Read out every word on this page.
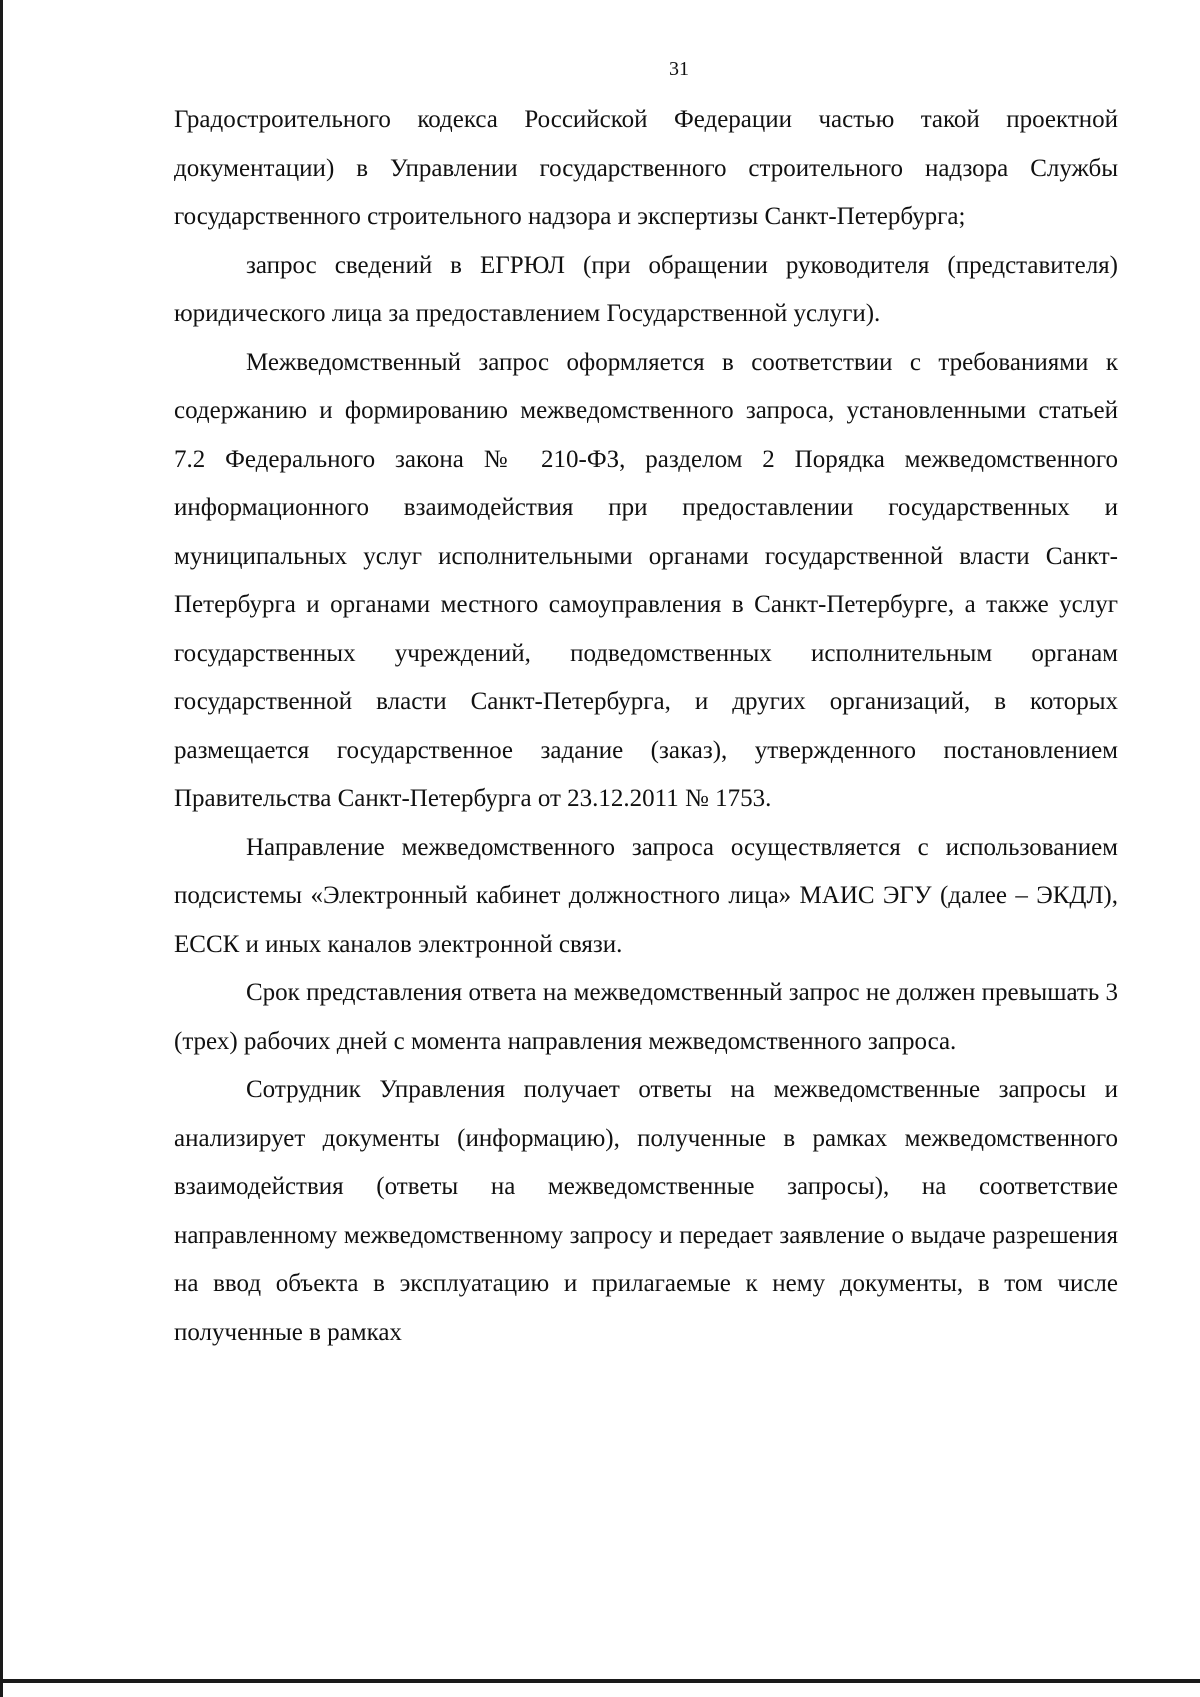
31

Градостроительного кодекса Российской Федерации частью такой проектной документации) в Управлении государственного строительного надзора Службы государственного строительного надзора и экспертизы Санкт-Петербурга;

запрос сведений в ЕГРЮЛ (при обращении руководителя (представителя) юридического лица за предоставлением Государственной услуги).

Межведомственный запрос оформляется в соответствии с требованиями к содержанию и формированию межведомственного запроса, установленными статьей 7.2 Федерального закона № 210-ФЗ, разделом 2 Порядка межведомственного информационного взаимодействия при предоставлении государственных и муниципальных услуг исполнительными органами государственной власти Санкт-Петербурга и органами местного самоуправления в Санкт-Петербурге, а также услуг государственных учреждений, подведомственных исполнительным органам государственной власти Санкт-Петербурга, и других организаций, в которых размещается государственное задание (заказ), утвержденного постановлением Правительства Санкт-Петербурга от 23.12.2011 № 1753.

Направление межведомственного запроса осуществляется с использованием подсистемы «Электронный кабинет должностного лица» МАИС ЭГУ (далее – ЭКДЛ), ЕССК и иных каналов электронной связи.

Срок представления ответа на межведомственный запрос не должен превышать 3 (трех) рабочих дней с момента направления межведомственного запроса.

Сотрудник Управления получает ответы на межведомственные запросы и анализирует документы (информацию), полученные в рамках межведомственного взаимодействия (ответы на межведомственные запросы), на соответствие направленному межведомственному запросу и передает заявление о выдаче разрешения на ввод объекта в эксплуатацию и прилагаемые к нему документы, в том числе полученные в рамках
